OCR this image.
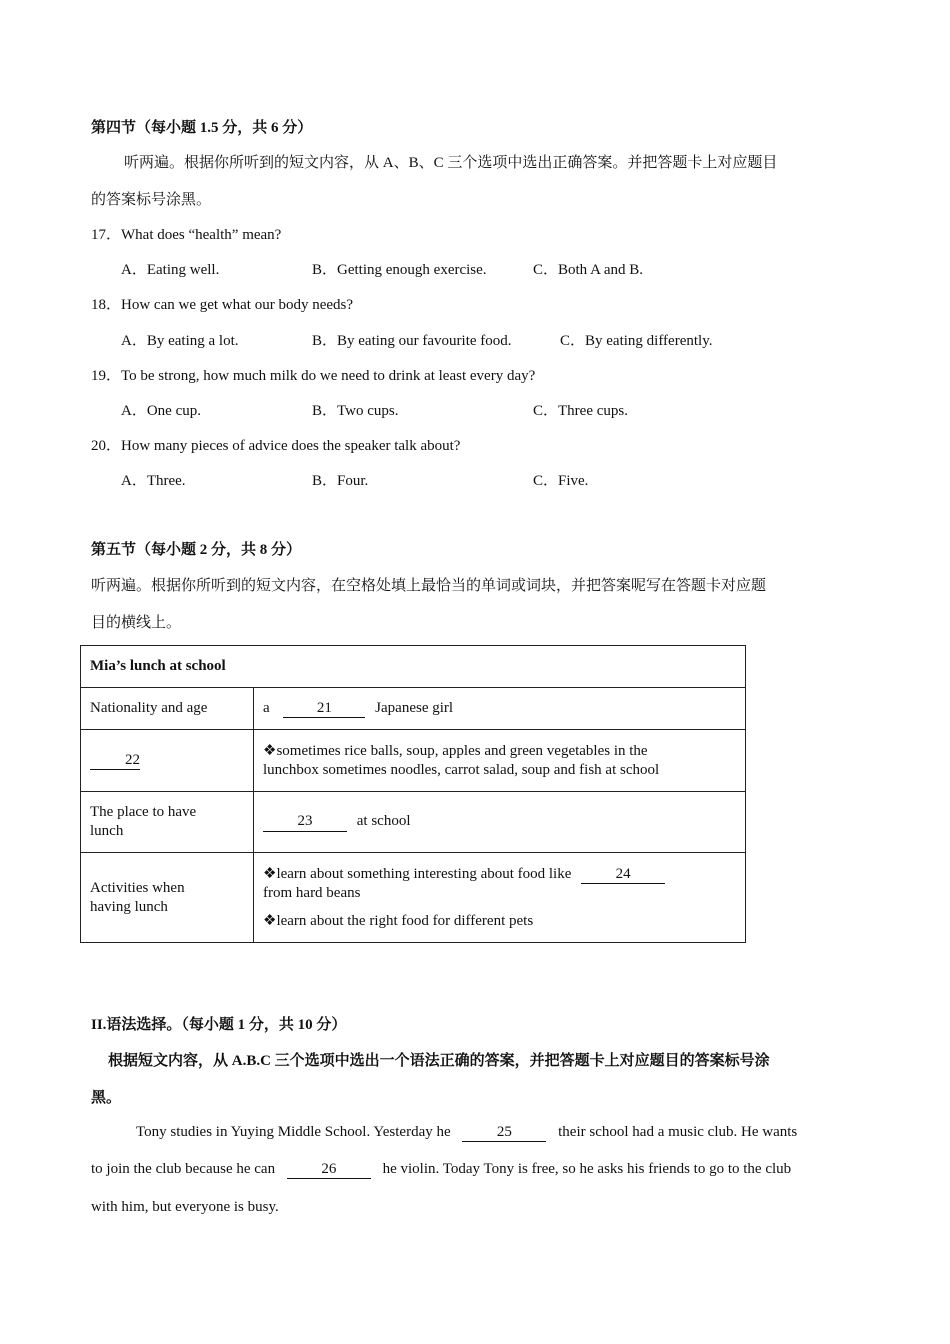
第四节（每小题 1.5 分，共 6 分）
听两遍。根据你所听到的短文内容，从 A、B、C 三个选项中选出正确答案。并把答题卡上对应题目
的答案标号涂黑。
17．What does “health” mean?
A．Eating well.	B．Getting enough exercise.	C．Both A and B.
18．How can we get what our body needs?
A．By eating a lot.	B．By eating our favourite food.	C．By eating differently.
19．To be strong, how much milk do we need to drink at least every day?
A．One cup.	B．Two cups.	C．Three cups.
20．How many pieces of advice does the speaker talk about?
A．Three.	B．Four.	C．Five.
第五节（每小题 2 分，共 8 分）
听两遍。根据你所听到的短文内容，在空格处填上最恰当的单词或词块，并把答案呢写在答题卡对应题
目的横线上。
Mia’s lunch at school	
Nationality and age	a 21 Japanese girl
22	❖sometimes rice balls, soup, apples and green vegetables in the
lunchbox sometimes noodles, carrot salad, soup and fish at school

The place to have
lunch	23 at school

Activities when
having lunch	❖learn about something interesting about food like 24
from hard beans
❖learn about the right food for different pets
II.语法选择。（每小题 1 分，共 10 分）
根据短文内容，从 A.B.C 三个选项中选出一个语法正确的答案，并把答题卡上对应题目的答案标号涂
黑。
Tony studies in Yuying Middle School. Yesterday he	25	their school had a music club. He wants
to join the club because he can	26	he violin. Today Tony is free, so he asks his friends to go to the club
with him, but everyone is busy.
